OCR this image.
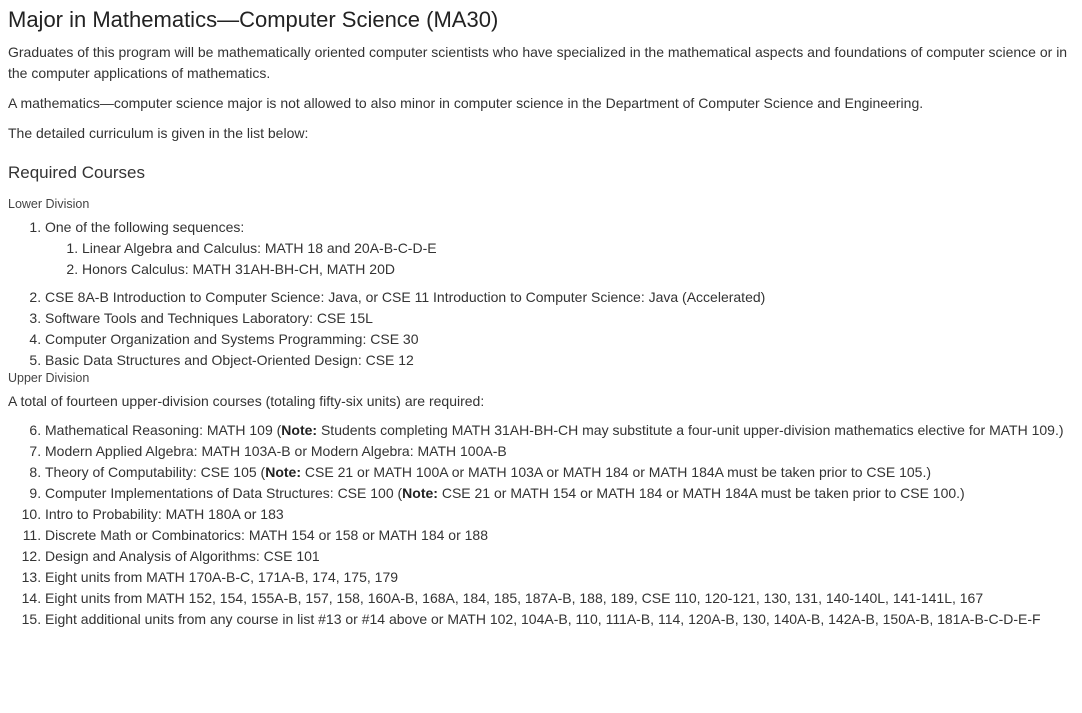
Major in Mathematics—Computer Science (MA30)

Graduates of this program will be mathematically oriented computer scientists who have specialized in the mathematical aspects and foundations of computer science or in the computer applications of mathematics.

A mathematics—computer science major is not allowed to also minor in computer science in the Department of Computer Science and Engineering.

The detailed curriculum is given in the list below:

Required Courses
Lower Division
1. One of the following sequences:
1. Linear Algebra and Calculus: MATH 18 and 20A-B-C-D-E
2. Honors Calculus: MATH 31AH-BH-CH, MATH 20D
2. CSE 8A-B Introduction to Computer Science: Java, or CSE 11 Introduction to Computer Science: Java (Accelerated)
3. Software Tools and Techniques Laboratory: CSE 15L
4. Computer Organization and Systems Programming: CSE 30
5. Basic Data Structures and Object-Oriented Design: CSE 12
Upper Division

A total of fourteen upper-division courses (totaling fifty-six units) are required:

6. Mathematical Reasoning: MATH 109 (Note: Students completing MATH 31AH-BH-CH may substitute a four-unit upper-division mathematics elective for MATH 109.)
7. Modern Applied Algebra: MATH 103A-B or Modern Algebra: MATH 100A-B
8. Theory of Computability: CSE 105 (Note: CSE 21 or MATH 100A or MATH 103A or MATH 184 or MATH 184A must be taken prior to CSE 105.)
9. Computer Implementations of Data Structures: CSE 100 (Note: CSE 21 or MATH 154 or MATH 184 or MATH 184A must be taken prior to CSE 100.)
10. Intro to Probability: MATH 180A or 183
11. Discrete Math or Combinatorics: MATH 154 or 158 or MATH 184 or 188
12. Design and Analysis of Algorithms: CSE 101
13. Eight units from MATH 170A-B-C, 171A-B, 174, 175, 179
14. Eight units from MATH 152, 154, 155A-B, 157, 158, 160A-B, 168A, 184, 185, 187A-B, 188, 189, CSE 110, 120-121, 130, 131, 140-140L, 141-141L, 167
15. Eight additional units from any course in list #13 or #14 above or MATH 102, 104A-B, 110, 111A-B, 114, 120A-B, 130, 140A-B, 142A-B, 150A-B, 181A-B-C-D-E-F
